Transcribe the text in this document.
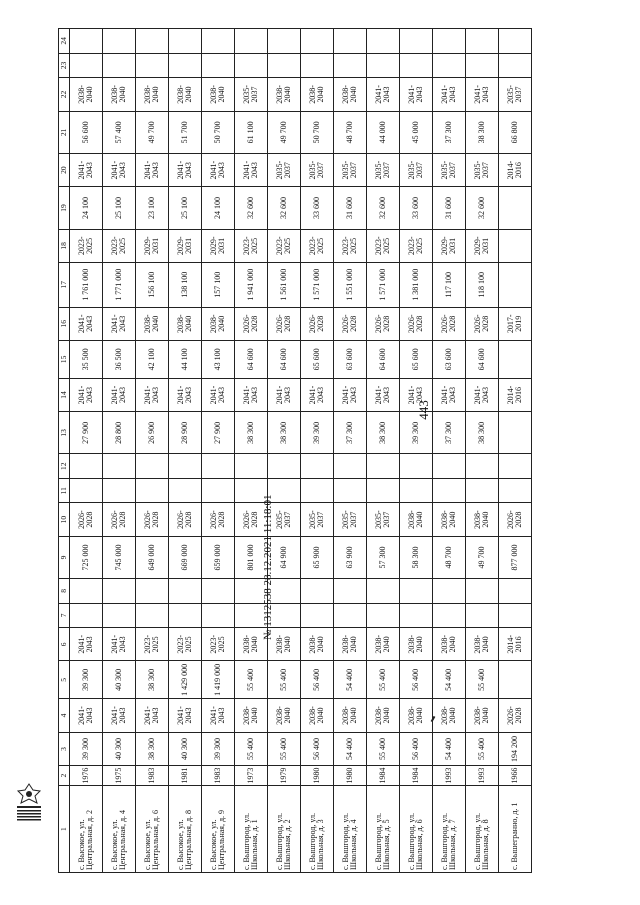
1	2	3	4	5	6	7	8	9	10	11	12	13	14	15	16	17	18	19	20	21	22	23	24
с. Высокое, ул. Центральная, д. 2	1976	39 300	2041-2043	39 300	2041-2043			725 000	2026-2028			27 900	2041-2043	35 500	2041-2043	1 761 000	2023-2025	24 100	2041-2043	56 600	2038-2040		
с. Высокое, ул. Центральная, д. 4	1975	40 300	2041-2043	40 300	2041-2043			745 000	2026-2028			28 800	2041-2043	36 500	2041-2043	1 771 000	2023-2025	25 100	2041-2043	57 400	2038-2040		
с. Высокое, ул. Центральная, д. 6	1983	38 300	2041-2043	38 300	2023-2025			649 000	2026-2028			26 900	2041-2043	42 100	2038-2040	156 100	2029-2031	23 100	2041-2043	49 700	2038-2040		
с. Высокое, ул. Центральная, д. 8	1981	40 300	2041-2043	1 429 000	2023-2025			669 000	2026-2028			28 900	2041-2043	44 100	2038-2040	138 100	2029-2031	25 100	2041-2043	51 700	2038-2040		
с. Высокое, ул. Центральная, д. 9	1983	39 300	2041-2043	1 419 000	2023-2025			659 000	2026-2028			27 900	2041-2043	43 100	2038-2040	157 100	2029-2031	24 100	2041-2043	50 700	2038-2040		
с. Вышгород, ул. Школьная, д. 1	1973	55 400	2038-2040	55 400	2038-2040			801 000	2026-2028			38 300	2041-2043	64 600	2026-2028	1 941 000	2023-2025	32 600	2041-2043	61 100	2035-2037		
с. Вышгород, ул. Школьная, д. 2	1979	55 400	2038-2040	55 400	2038-2040			64 900	2035-2037			38 300	2041-2043	64 600	2026-2028	1 561 000	2023-2025	32 600	2035-2037	49 700	2038-2040		
с. Вышгород, ул. Школьная, д. 3	1980	56 400	2038-2040	56 400	2038-2040			65 900	2035-2037			39 300	2041-2043	65 600	2026-2028	1 571 000	2023-2025	33 600	2035-2037	50 700	2038-2040		
с. Вышгород, ул. Школьная, д. 4	1980	54 400	2038-2040	54 400	2038-2040			63 900	2035-2037			37 300	2041-2043	63 600	2026-2028	1 551 000	2023-2025	31 600	2035-2037	48 700	2038-2040		
с. Вышгород, ул. Школьная, д. 5	1984	55 400	2038-2040	55 400	2038-2040			57 300	2035-2037			38 300	2041-2043	64 600	2026-2028	1 571 000	2023-2025	32 600	2035-2037	44 000	2041-2043		
с. Вышгород, ул. Школьная, д. 6	1984	56 400	2038-2040	56 400	2038-2040			58 300	2038-2040			39 300	2041-2043	65 600	2026-2028	1 381 000	2023-2025	33 600	2035-2037	45 000	2041-2043		
с. Вышгород, ул. Школьная, д. 7	1993	54 400	2038-2040	54 400	2038-2040			48 700	2038-2040			37 300	2041-2043	63 600	2026-2028	117 100	2029-2031	31 600	2035-2037	37 300	2041-2043		
с. Вышгород, ул. Школьная, д. 8	1993	55 400	2038-2040	55 400	2038-2040			49 700	2038-2040			38 300	2041-2043	64 600	2026-2028	118 100	2029-2031	32 600	2035-2037	38 300	2041-2043		
с. Вышегранно, д. 1	1966	194 200	2026-2028		2014-2016			877 000	2026-2028				2014-2016		2017-2019				2014-2016	66 800	2035-2037		
443
№ 1312538 28.12.2021 11:18:01
